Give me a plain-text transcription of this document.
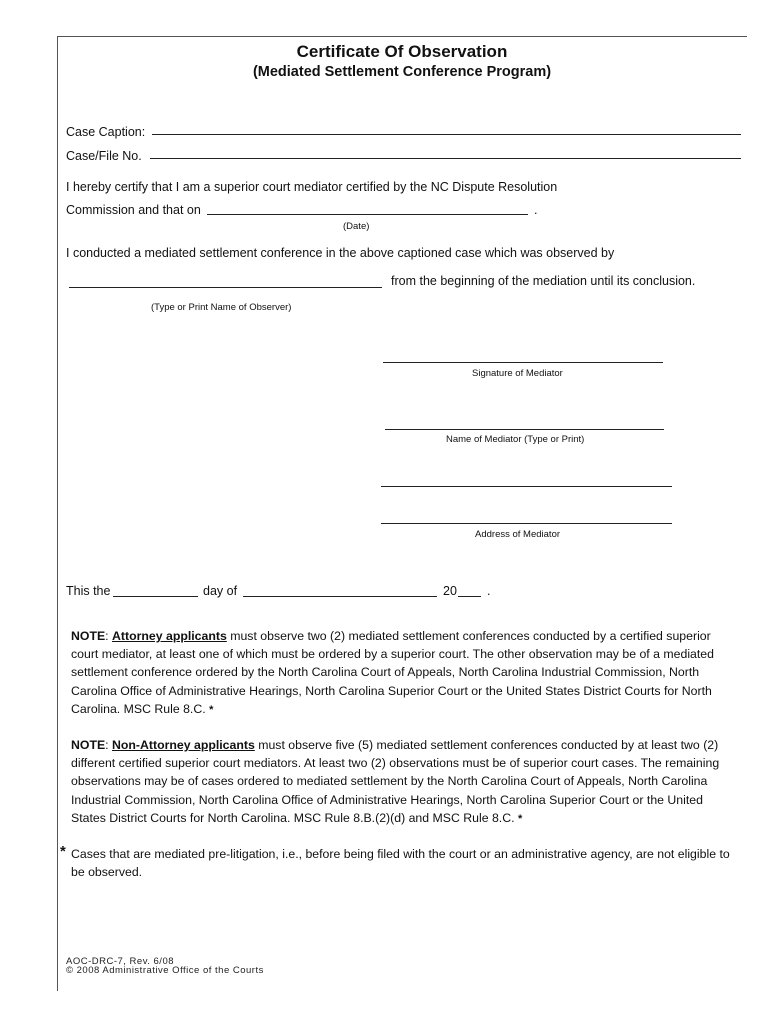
Certificate Of Observation
(Mediated Settlement Conference Program)
Case Caption:
Case/File No.
I hereby certify that I am a superior court mediator certified by the NC Dispute Resolution
Commission and that on	.
(Date)
I conducted a mediated settlement conference in the above captioned case which was observed by
from the beginning of the mediation until its conclusion.
(Type or Print Name of Observer)
Signature of Mediator
Name of Mediator (Type or Print)
Address of Mediator
This the	day of	20 .
NOTE: Attorney applicants must observe two (2) mediated settlement conferences conducted by a certified superior court mediator, at least one of which must be ordered by a superior court. The other observation may be of a mediated settlement conference ordered by the North Carolina Court of Appeals, North Carolina Industrial Commission, North Carolina Office of Administrative Hearings, North Carolina Superior Court or the United States District Courts for North Carolina. MSC Rule 8.C. *
NOTE: Non-Attorney applicants must observe five (5) mediated settlement conferences conducted by at least two (2) different certified superior court mediators. At least two (2) observations must be of superior court cases. The remaining observations may be of cases ordered to mediated settlement by the North Carolina Court of Appeals, North Carolina Industrial Commission, North Carolina Office of Administrative Hearings, North Carolina Superior Court or the United States District Courts for North Carolina. MSC Rule 8.B.(2)(d) and MSC Rule 8.C. *
* Cases that are mediated pre-litigation, i.e., before being filed with the court or an administrative agency, are not eligible to be observed.
AOC-DRC-7, Rev. 6/08
© 2008 Administrative Office of the Courts
